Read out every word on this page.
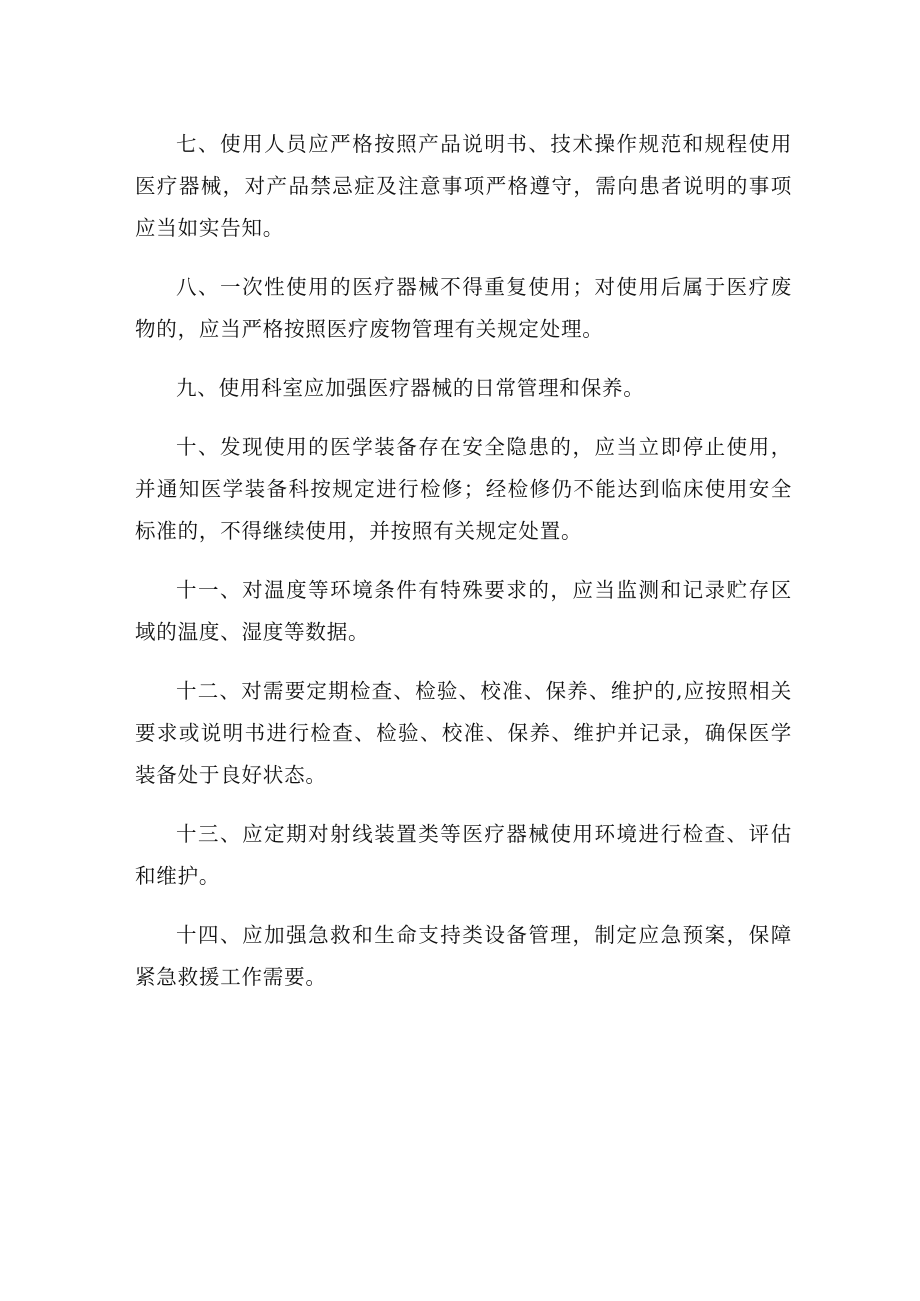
七、使用人员应严格按照产品说明书、技术操作规范和规程使用医疗器械，对产品禁忌症及注意事项严格遵守，需向患者说明的事项应当如实告知。

八、一次性使用的医疗器械不得重复使用；对使用后属于医疗废物的，应当严格按照医疗废物管理有关规定处理。

九、使用科室应加强医疗器械的日常管理和保养。

十、发现使用的医学装备存在安全隐患的，应当立即停止使用，并通知医学装备科按规定进行检修；经检修仍不能达到临床使用安全标准的，不得继续使用，并按照有关规定处置。

十一、对温度等环境条件有特殊要求的，应当监测和记录贮存区域的温度、湿度等数据。

十二、对需要定期检查、检验、校准、保养、维护的,应按照相关要求或说明书进行检查、检验、校准、保养、维护并记录，确保医学装备处于良好状态。

十三、应定期对射线装置类等医疗器械使用环境进行检查、评估和维护。

十四、应加强急救和生命支持类设备管理，制定应急预案，保障紧急救援工作需要。
